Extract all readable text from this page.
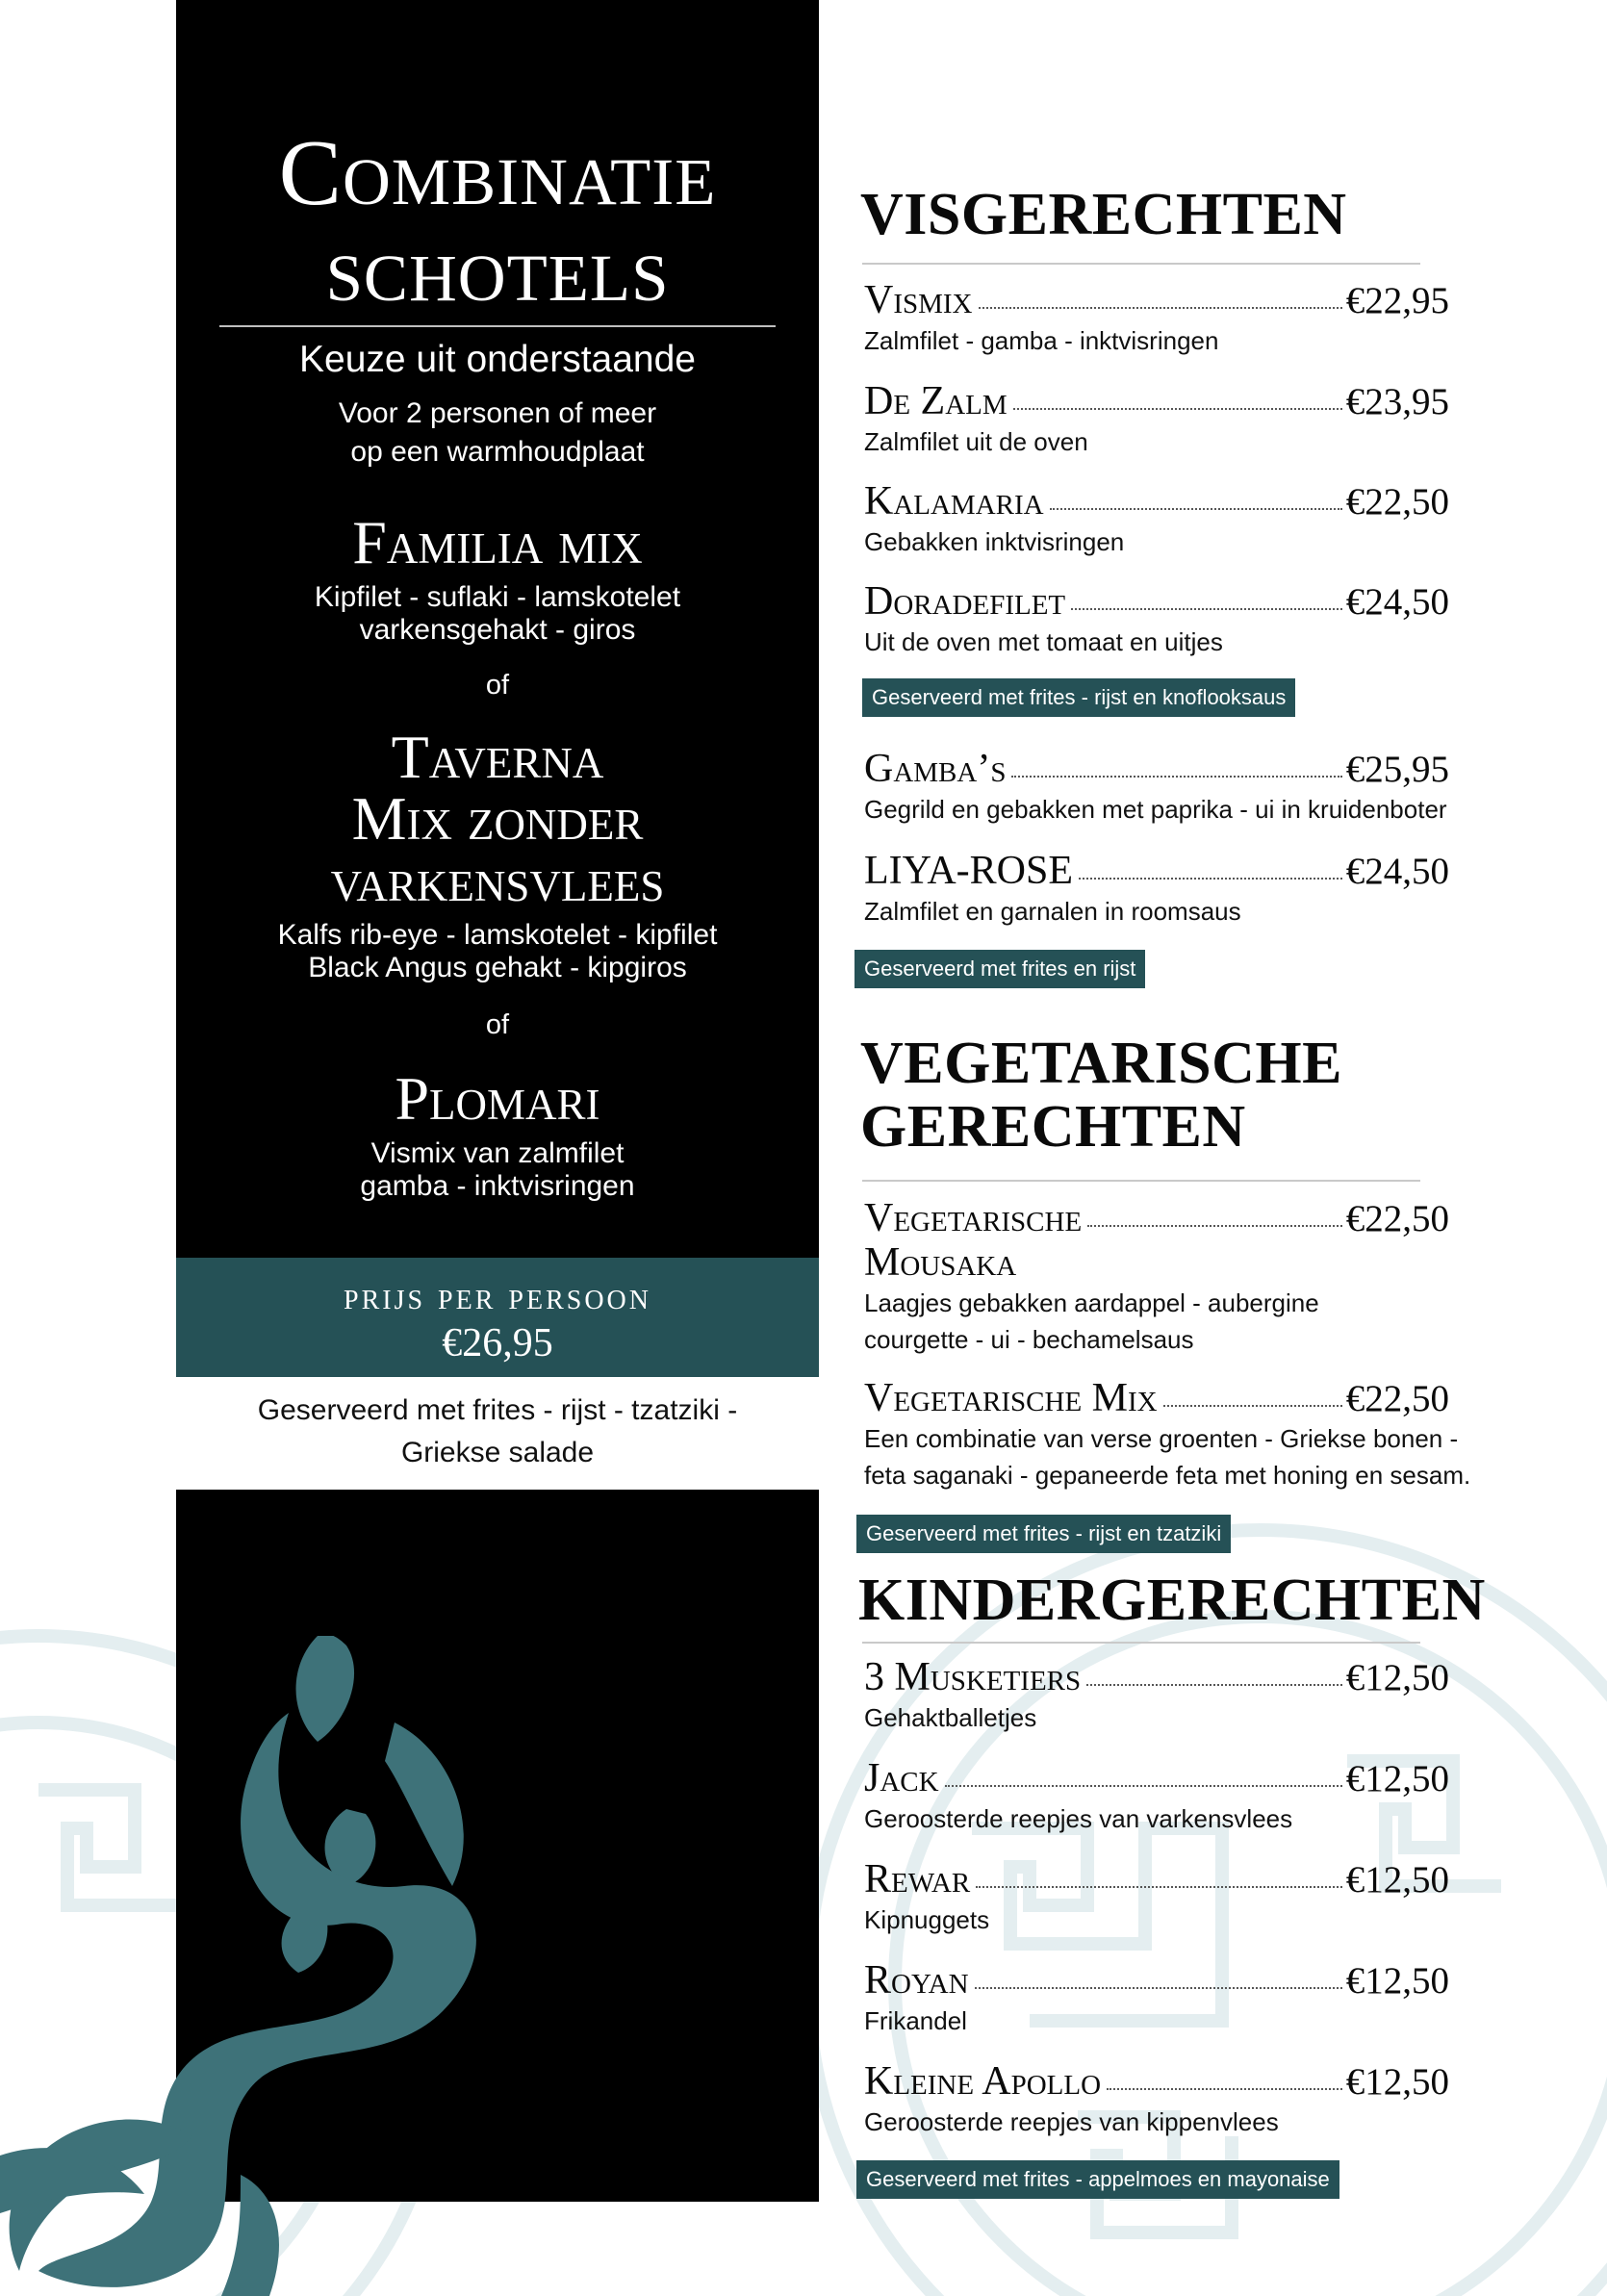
Combinatie
schotels
Keuze uit onderstaande
Voor 2 personen of meer
op een warmhoudplaat
Familia mix
Kipfilet - suflaki - lamskotelet
varkensgehakt - giros
of
Taverna
Mix zonder
varkensvlees
Kalfs rib-eye - lamskotelet - kipfilet
Black Angus gehakt - kipgiros
of
Plomari
Vismix van zalmfilet
gamba - inktvisringen
prijs per persoon
€26,95
Geserveerd met frites - rijst - tzatziki -
Griekse salade
VISGERECHTEN
Vismix	€22,95
Zalmfilet - gamba - inktvisringen
De Zalm	€23,95
Zalmfilet uit de oven
Kalamaria	€22,50
Gebakken inktvisringen
Doradefilet	€24,50
Uit de oven met tomaat en uitjes
Geserveerd met frites - rijst en knoflooksaus
Gamba’s	€25,95
Gegrild en gebakken met paprika - ui in kruidenboter
LIYA-ROSE	€24,50
Zalmfilet en garnalen in roomsaus
Geserveerd met frites en rijst
VEGETARISCHE
GERECHTEN
Vegetarische	€22,50
Mousaka
Laagjes gebakken aardappel - aubergine
courgette - ui - bechamelsaus
Vegetarische Mix	€22,50
Een combinatie van verse groenten - Griekse bonen -
feta saganaki - gepaneerde feta met honing en sesam.
Geserveerd met frites - rijst en tzatziki
KINDERGERECHTEN
3 Musketiers	€12,50
Gehaktballetjes
Jack	€12,50
Geroosterde reepjes van varkensvlees
Rewar	€12,50
Kipnuggets
Royan	€12,50
Frikandel
Kleine Apollo	€12,50
Geroosterde reepjes van kippenvlees
Geserveerd met frites - appelmoes en mayonaise
